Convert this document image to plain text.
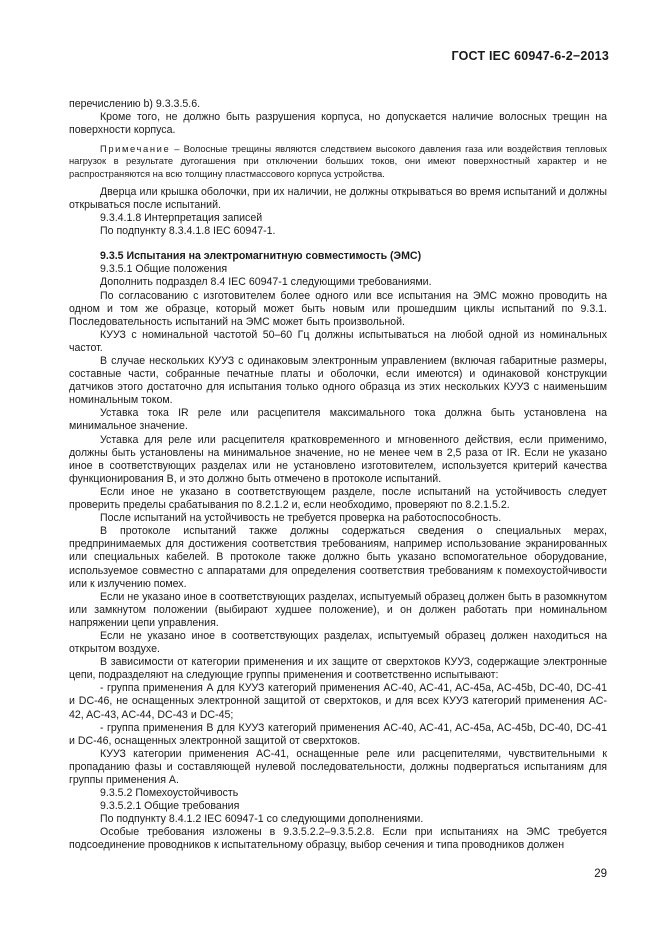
ГОСТ IEC 60947-6-2−2013

перечислению b) 9.3.3.5.6.

Кроме того, не должно быть разрушения корпуса, но допускается наличие волосных трещин на поверхности корпуса.

Примечание – Волосные трещины являются следствием высокого давления газа или воздействия тепловых нагрузок в результате дугогашения при отключении больших токов, они имеют поверхностный характер и не распространяются на всю толщину пластмассового корпуса устройства.

Дверца или крышка оболочки, при их наличии, не должны открываться во время испытаний и должны открываться после испытаний.

9.3.4.1.8 Интерпретация записей

По подпункту 8.3.4.1.8 IEC 60947-1.

9.3.5 Испытания на электромагнитную совместимость (ЭМС)

9.3.5.1 Общие положения

Дополнить подраздел 8.4 IEC 60947-1 следующими требованиями.

По согласованию с изготовителем более одного или все испытания на ЭМС можно проводить на одном и том же образце, который может быть новым или прошедшим циклы испытаний по 9.3.1. Последовательность испытаний на ЭМС может быть произвольной.

КУУЗ с номинальной частотой 50–60 Гц должны испытываться на любой одной из номинальных частот.

В случае нескольких КУУЗ с одинаковым электронным управлением (включая габаритные размеры, составные части, собранные печатные платы и оболочки, если имеются) и одинаковой конструкции датчиков этого достаточно для испытания только одного образца из этих нескольких КУУЗ с наименьшим номинальным током.

Уставка тока IR реле или расцепителя максимального тока должна быть установлена на минимальное значение.

Уставка для реле или расцепителя кратковременного и мгновенного действия, если применимо, должны быть установлены на минимальное значение, но не менее чем в 2,5 раза от IR. Если не указано иное в соответствующих разделах или не установлено изготовителем, используется критерий качества функционирования В, и это должно быть отмечено в протоколе испытаний.

Если иное не указано в соответствующем разделе, после испытаний на устойчивость следует проверить пределы срабатывания по 8.2.1.2 и, если необходимо, проверяют по 8.2.1.5.2.

После испытаний на устойчивость не требуется проверка на работоспособность.

В протоколе испытаний также должны содержаться сведения о специальных мерах, предпринимаемых для достижения соответствия требованиям, например использование экранированных или специальных кабелей. В протоколе также должно быть указано вспомогательное оборудование, используемое совместно с аппаратами для определения соответствия требованиям к помехоустойчивости или к излучению помех.

Если не указано иное в соответствующих разделах, испытуемый образец должен быть в разомкнутом или замкнутом положении (выбирают худшее положение), и он должен работать при номинальном напряжении цепи управления.

Если не указано иное в соответствующих разделах, испытуемый образец должен находиться на открытом воздухе.

В зависимости от категории применения и их защите от сверхтоков КУУЗ, содержащие электронные цепи, подразделяют на следующие группы применения и соответственно испытывают:

- группа применения А для КУУЗ категорий применения AC-40, AC-41, AC-45a, AC-45b, DC-40, DC-41 и DC-46, не оснащенных электронной защитой от сверхтоков, и для всех КУУЗ категорий применения AC-42, AC-43, AC-44, DC-43 и DC-45;

- группа применения В для КУУЗ категорий применения AC-40, AC-41, AC-45a, AC-45b, DC-40, DC-41 и DC-46, оснащенных электронной защитой от сверхтоков.

КУУЗ категории применения AC-41, оснащенные реле или расцепителями, чувствительными к пропаданию фазы и составляющей нулевой последовательности, должны подвергаться испытаниям для группы применения А.

9.3.5.2 Помехоустойчивость

9.3.5.2.1 Общие требования

По подпункту 8.4.1.2 IEC 60947-1 со следующими дополнениями.

Особые требования изложены в 9.3.5.2.2–9.3.5.2.8. Если при испытаниях на ЭМС требуется подсоединение проводников к испытательному образцу, выбор сечения и типа проводников должен

29
